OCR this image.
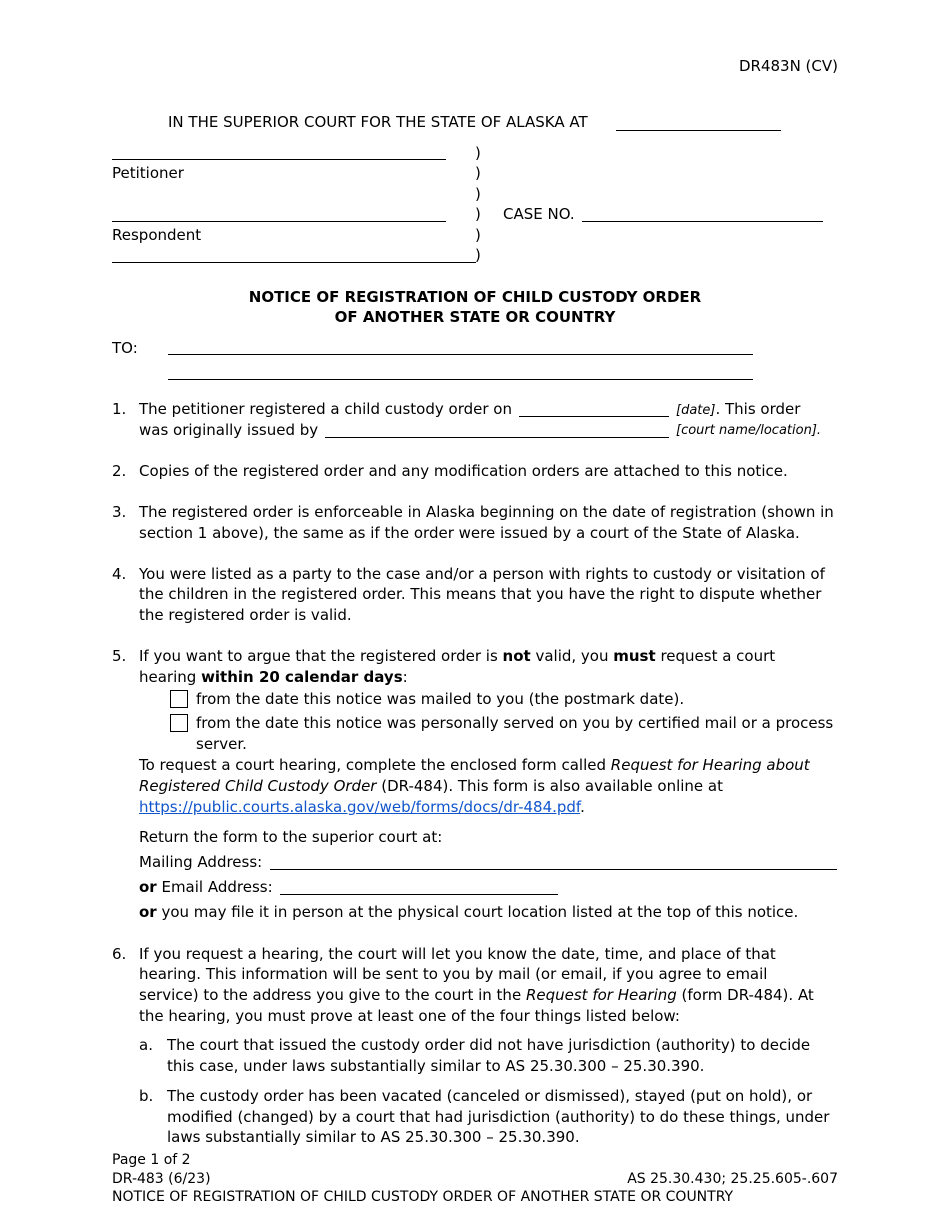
DR483N (CV)
IN THE SUPERIOR COURT FOR THE STATE OF ALASKA AT
Petitioner
Respondent
)
)
)
)
)
)
CASE NO.
NOTICE OF REGISTRATION OF CHILD CUSTODY ORDER
OF ANOTHER STATE OR COUNTRY
TO:
1. The petitioner registered a child custody order on	[date]. This order
was originally issued by	[court name/location].
2. Copies of the registered order and any modification orders are attached to this notice.
3. The registered order is enforceable in Alaska beginning on the date of registration (shown in
section 1 above), the same as if the order were issued by a court of the State of Alaska.
4. You were listed as a party to the case and/or a person with rights to custody or visitation of
the children in the registered order. This means that you have the right to dispute whether
the registered order is valid.
5. If you want to argue that the registered order is not valid, you must request a court
hearing within 20 calendar days:
from the date this notice was mailed to you (the postmark date).
from the date this notice was personally served on you by certified mail or a process
server.
To request a court hearing, complete the enclosed form called Request for Hearing about
Registered Child Custody Order (DR-484). This form is also available online at
https://public.courts.alaska.gov/web/forms/docs/dr-484.pdf.
Return the form to the superior court at:
Mailing Address:
or Email Address:
or you may file it in person at the physical court location listed at the top of this notice.
6. If you request a hearing, the court will let you know the date, time, and place of that
hearing. This information will be sent to you by mail (or email, if you agree to email
service) to the address you give to the court in the Request for Hearing (form DR-484). At
the hearing, you must prove at least one of the four things listed below:
a. The court that issued the custody order did not have jurisdiction (authority) to decide
this case, under laws substantially similar to AS 25.30.300 – 25.30.390.
b. The custody order has been vacated (canceled or dismissed), stayed (put on hold), or
modified (changed) by a court that had jurisdiction (authority) to do these things, under
laws substantially similar to AS 25.30.300 – 25.30.390.
Page 1 of 2
DR-483 (6/23)	AS 25.30.430; 25.25.605-.607
NOTICE OF REGISTRATION OF CHILD CUSTODY ORDER OF ANOTHER STATE OR COUNTRY
